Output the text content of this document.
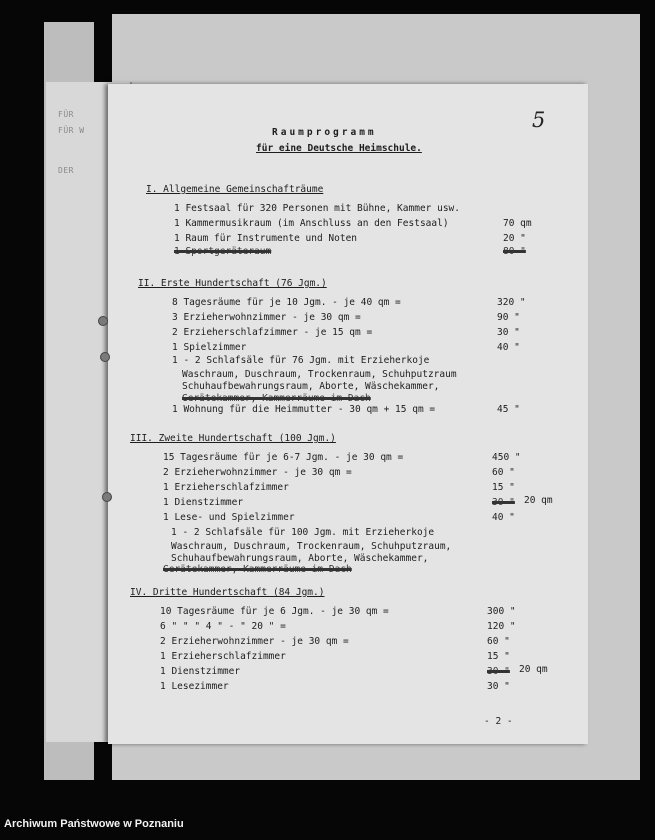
FÜR
FÜR W
DER
5
Raumprogramm
für eine Deutsche Heimschule.
I. Allgemeine Gemeinschafträume
1 Festsaal für 320 Personen mit Bühne, Kammer usw.
1 Kammermusikraum (im Anschluss an den Festsaal)	70 qm
1 Raum für Instrumente und Noten	20 "
1 Sportgeräteraum	80 "
II. Erste Hundertschaft (76 Jgm.)
8 Tagesräume für je 10 Jgm. - je 40 qm =	320 "
3 Erzieherwohnzimmer - je 30 qm =	90 "
2 Erzieherschlafzimmer - je 15 qm =	30 "
1 Spielzimmer	40 "
1 - 2 Schlafsäle für 76 Jgm. mit Erzieherkoje
Waschraum, Duschraum, Trockenraum, Schuhputzraum
Schuhaufbewahrungsraum, Aborte, Wäschekammer,
Gerätekammer, Kammerräume im Dach
1 Wohnung für die Heimmutter - 30 qm + 15 qm =	45 "
III. Zweite Hundertschaft (100 Jgm.)
15 Tagesräume für je 6-7 Jgm. - je 30 qm =	450 "
2 Erzieherwohnzimmer - je 30 qm =	60 "
1 Erzieherschlafzimmer	15 "
1 Dienstzimmer	30 " 20 qm
1 Lese- und Spielzimmer	40 "
1 - 2 Schlafsäle für 100 Jgm. mit Erzieherkoje
Waschraum, Duschraum, Trockenraum, Schuhputzraum,
Schuhaufbewahrungsraum, Aborte, Wäschekammer,
Gerätekammer, Kammerräume im Dach
IV. Dritte Hundertschaft (84 Jgm.)
10 Tagesräume für je 6 Jgm. - je 30 qm =	300 "
6 " " " 4 " - " 20 " =	120 "
2 Erzieherwohnzimmer - je 30 qm =	60 "
1 Erzieherschlafzimmer	15 "
1 Dienstzimmer	30 " 20 qm
1 Lesezimmer	30 "
- 2 -
Archiwum Państwowe w Poznaniu
